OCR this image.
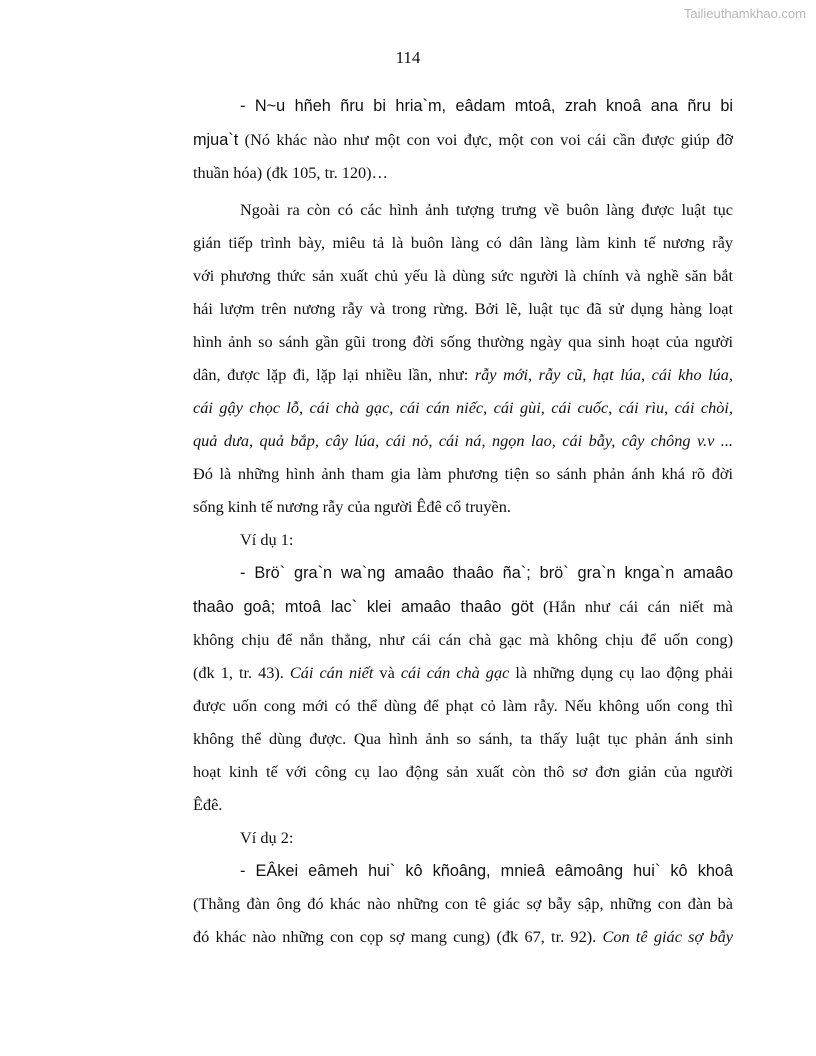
Tailieuthamkhao.com
114
- N~u hñeh ñru bi hria`m, eâdam mtoâ, zrah knoâ ana ñru bi
mjua`t (Nó khác nào như một con voi đực, một con voi cái cần được giúp đỡ
thuần hóa) (đk 105, tr. 120)…
Ngoài ra còn có các hình ảnh tượng trưng về buôn làng được luật tục
gián tiếp trình bày, miêu tả là buôn làng có dân làng làm kinh tế nương rẫy
với phương thức sản xuất chủ yếu là dùng sức người là chính và nghề săn bắt
hái lượm trên nương rẫy và trong rừng. Bởi lẽ, luật tục đã sử dụng hàng loạt
hình ảnh so sánh gần gũi trong đời sống thường ngày qua sinh hoạt của người
dân, được lặp đi, lặp lại nhiều lần, như: rẫy mới, rẫy cũ, hạt lúa, cái kho lúa,
cái gậy chọc lỗ, cái chà gạc, cái cán niếc, cái gùi, cái cuốc, cái rìu, cái chòi,
quả dưa, quả bắp, cây lúa, cái nỏ, cái ná, ngọn lao, cái bẫy, cây chông v.v ...
Đó là những hình ảnh tham gia làm phương tiện so sánh phản ánh khá rõ đời
sống kinh tế nương rẫy của người Êđê cổ truyền.
Ví dụ 1:
- Brö` gra`n wa`ng amaâo thaâo ña`; brö` gra`n knga`n amaâo
thaâo goâ; mtoâ lac` klei amaâo thaâo göt (Hắn như cái cán niết mà
không chịu để nắn thẳng, như cái cán chà gạc mà không chịu để uốn cong)
(đk 1, tr. 43). Cái cán niết và cái cán chà gạc là những dụng cụ lao động phải
được uốn cong mới có thể dùng để phạt cỏ làm rẫy. Nếu không uốn cong thì
không thể dùng được. Qua hình ảnh so sánh, ta thấy luật tục phản ánh sinh
hoạt kinh tế với công cụ lao động sản xuất còn thô sơ đơn giản của người
Êđê.
Ví dụ 2:
- EÂkei eâmeh hui` kô kñoâng, mnieâ eâmoâng hui` kô khoâ
(Thằng đàn ông đó khác nào những con tê giác sợ bẫy sập, những con đàn bà
đó khác nào những con cọp sợ mang cung) (đk 67, tr. 92). Con tê giác sợ bẫy
